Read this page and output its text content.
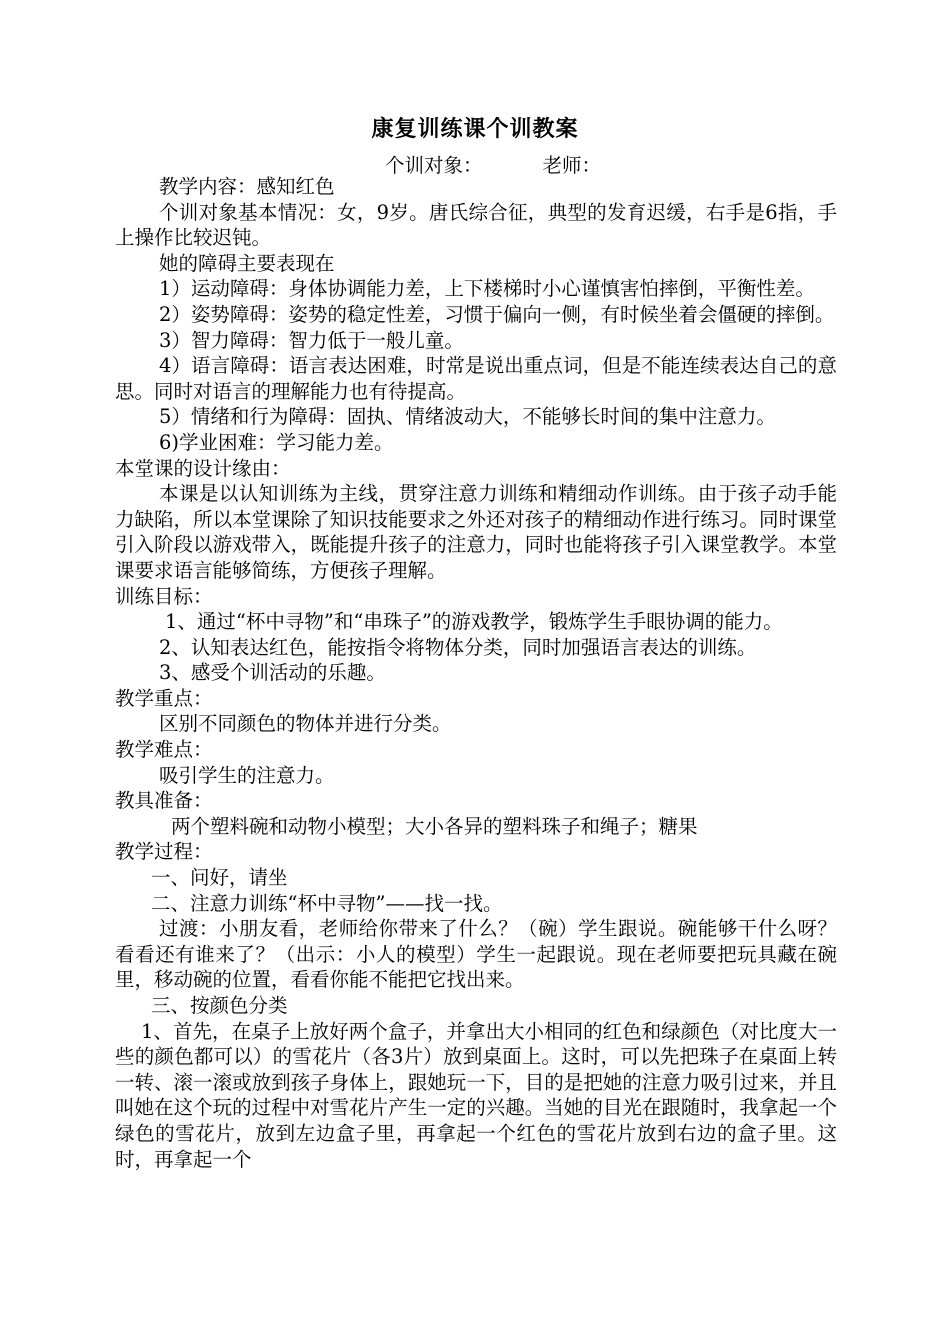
康复训练课个训教案
个训对象：	老师：

教学内容：感知红色

个训对象基本情况：女，9岁。唐氏综合征，典型的发育迟缓，右手是6指，手上操作比较迟钝。

她的障碍主要表现在

1）运动障碍：身体协调能力差，上下楼梯时小心谨慎害怕摔倒，平衡性差。

2）姿势障碍：姿势的稳定性差，习惯于偏向一侧，有时候坐着会僵硬的摔倒。

3）智力障碍：智力低于一般儿童。

4）语言障碍：语言表达困难，时常是说出重点词，但是不能连续表达自己的意思。同时对语言的理解能力也有待提高。

5）情绪和行为障碍：固执、情绪波动大，不能够长时间的集中注意力。

6)学业困难：学习能力差。

本堂课的设计缘由：

本课是以认知训练为主线，贯穿注意力训练和精细动作训练。由于孩子动手能力缺陷，所以本堂课除了知识技能要求之外还对孩子的精细动作进行练习。同时课堂引入阶段以游戏带入，既能提升孩子的注意力，同时也能将孩子引入课堂教学。本堂课要求语言能够简练，方便孩子理解。

训练目标：

1、通过“杯中寻物”和“串珠子”的游戏教学，锻炼学生手眼协调的能力。

2、认知表达红色，能按指令将物体分类，同时加强语言表达的训练。

3、感受个训活动的乐趣。

教学重点：

区别不同颜色的物体并进行分类。

教学难点：

吸引学生的注意力。

教具准备：

两个塑料碗和动物小模型；大小各异的塑料珠子和绳子；糖果

教学过程：

一、问好，请坐

二、注意力训练“杯中寻物”——找一找。

过渡：小朋友看，老师给你带来了什么？（碗）学生跟说。碗能够干什么呀？看看还有谁来了？（出示：小人的模型）学生一起跟说。现在老师要把玩具藏在碗里，移动碗的位置，看看你能不能把它找出来。

三、按颜色分类

1、首先，在桌子上放好两个盒子，并拿出大小相同的红色和绿颜色（对比度大一些的颜色都可以）的雪花片（各3片）放到桌面上。这时，可以先把珠子在桌面上转一转、滚一滚或放到孩子身体上，跟她玩一下，目的是把她的注意力吸引过来，并且叫她在这个玩的过程中对雪花片产生一定的兴趣。当她的目光在跟随时，我拿起一个绿色的雪花片，放到左边盒子里，再拿起一个红色的雪花片放到右边的盒子里。这时，再拿起一个
